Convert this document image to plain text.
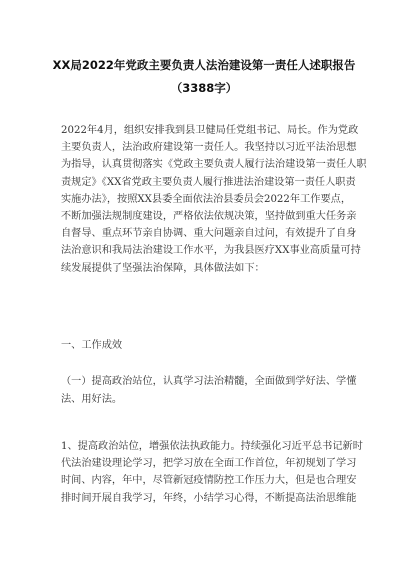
XX局2022年党政主要负责人法治建设第一责任人述职报告
（3388字）
2022年4月，组织安排我到县卫健局任党组书记、局长。作为党政
主要负责人，法治政府建设第一责任人。我坚持以习近平法治思想
为指导，认真贯彻落实《党政主要负责人履行法治建设第一责任人职
责规定》《XX省党政主要负责人履行推进法治建设第一责任人职责
实施办法》，按照XX县委全面依法治县委员会2022年工作要点，
不断加强法规制度建设，严格依法依规决策，坚持做到重大任务亲
自督导、重点环节亲自协调、重大问题亲自过问，有效提升了自身
法治意识和我局法治建设工作水平，为我县医疗XX事业高质量可持
续发展提供了坚强法治保障，具体做法如下：
一、工作成效
（一）提高政治站位，认真学习法治精髓，全面做到学好法、学懂
法、用好法。
1、提高政治站位，增强依法执政能力。持续强化习近平总书记新时
代法治建设理论学习，把学习放在全面工作首位，年初规划了学习
时间、内容，年中，尽管新冠疫情防控工作压力大，但是也合理安
排时间开展自我学习，年终，小结学习心得，不断提高法治思维能
